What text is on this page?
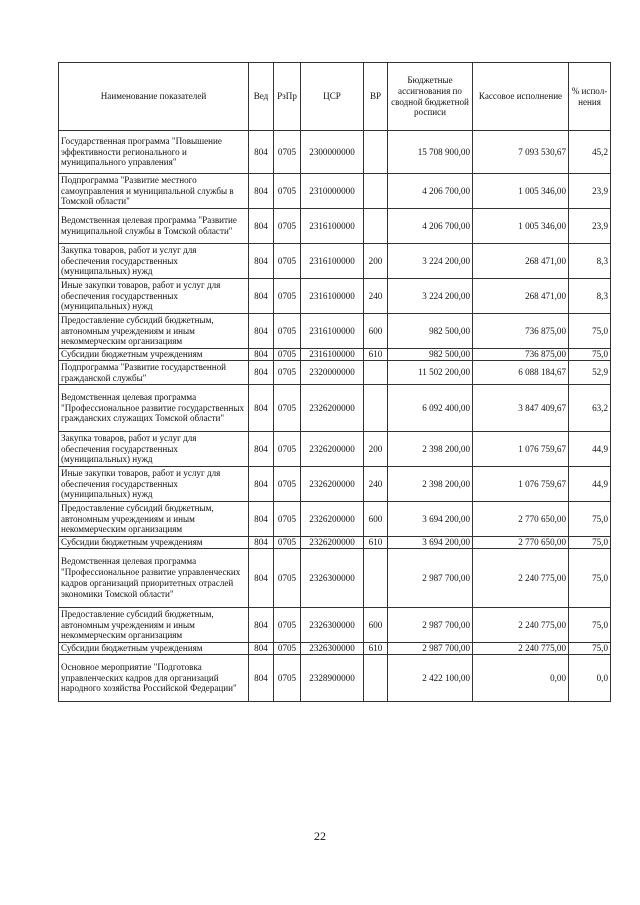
Наименование показателей	Вед	РзПр	ЦСР	ВР	Бюджетные ассигнования по сводной бюджетной росписи	Кассовое исполнение	% испол-нения
Государственная программа "Повышение эффективности регионального и муниципального управления"	804	0705	2300000000		15 708 900,00	7 093 530,67	45,2
Подпрограмма "Развитие местного самоуправления и муниципальной службы в Томской области"	804	0705	2310000000		4 206 700,00	1 005 346,00	23,9
Ведомственная целевая программа "Развитие муниципальной службы в Томской области"	804	0705	2316100000		4 206 700,00	1 005 346,00	23,9
Закупка товаров, работ и услуг для обеспечения государственных (муниципальных) нужд	804	0705	2316100000	200	3 224 200,00	268 471,00	8,3
Иные закупки товаров, работ и услуг для обеспечения государственных (муниципальных) нужд	804	0705	2316100000	240	3 224 200,00	268 471,00	8,3
Предоставление субсидий бюджетным, автономным учреждениям и иным некоммерческим организациям	804	0705	2316100000	600	982 500,00	736 875,00	75,0
Субсидии бюджетным учреждениям	804	0705	2316100000	610	982 500,00	736 875,00	75,0
Подпрограмма "Развитие государственной гражданской службы"	804	0705	2320000000		11 502 200,00	6 088 184,67	52,9
Ведомственная целевая программа "Профессиональное развитие государственных гражданских служащих Томской области"	804	0705	2326200000		6 092 400,00	3 847 409,67	63,2
Закупка товаров, работ и услуг для обеспечения государственных (муниципальных) нужд	804	0705	2326200000	200	2 398 200,00	1 076 759,67	44,9
Иные закупки товаров, работ и услуг для обеспечения государственных (муниципальных) нужд	804	0705	2326200000	240	2 398 200,00	1 076 759,67	44,9
Предоставление субсидий бюджетным, автономным учреждениям и иным некоммерческим организациям	804	0705	2326200000	600	3 694 200,00	2 770 650,00	75,0
Субсидии бюджетным учреждениям	804	0705	2326200000	610	3 694 200,00	2 770 650,00	75,0
Ведомственная целевая программа "Профессиональное развитие управленческих кадров организаций приоритетных отраслей экономики Томской области"	804	0705	2326300000		2 987 700,00	2 240 775,00	75,0
Предоставление субсидий бюджетным, автономным учреждениям и иным некоммерческим организациям	804	0705	2326300000	600	2 987 700,00	2 240 775,00	75,0
Субсидии бюджетным учреждениям	804	0705	2326300000	610	2 987 700,00	2 240 775,00	75,0
Основное мероприятие "Подготовка управленческих кадров для организаций народного хозяйства Российской Федерации"	804	0705	2328900000		2 422 100,00	0,00	0,0
22
